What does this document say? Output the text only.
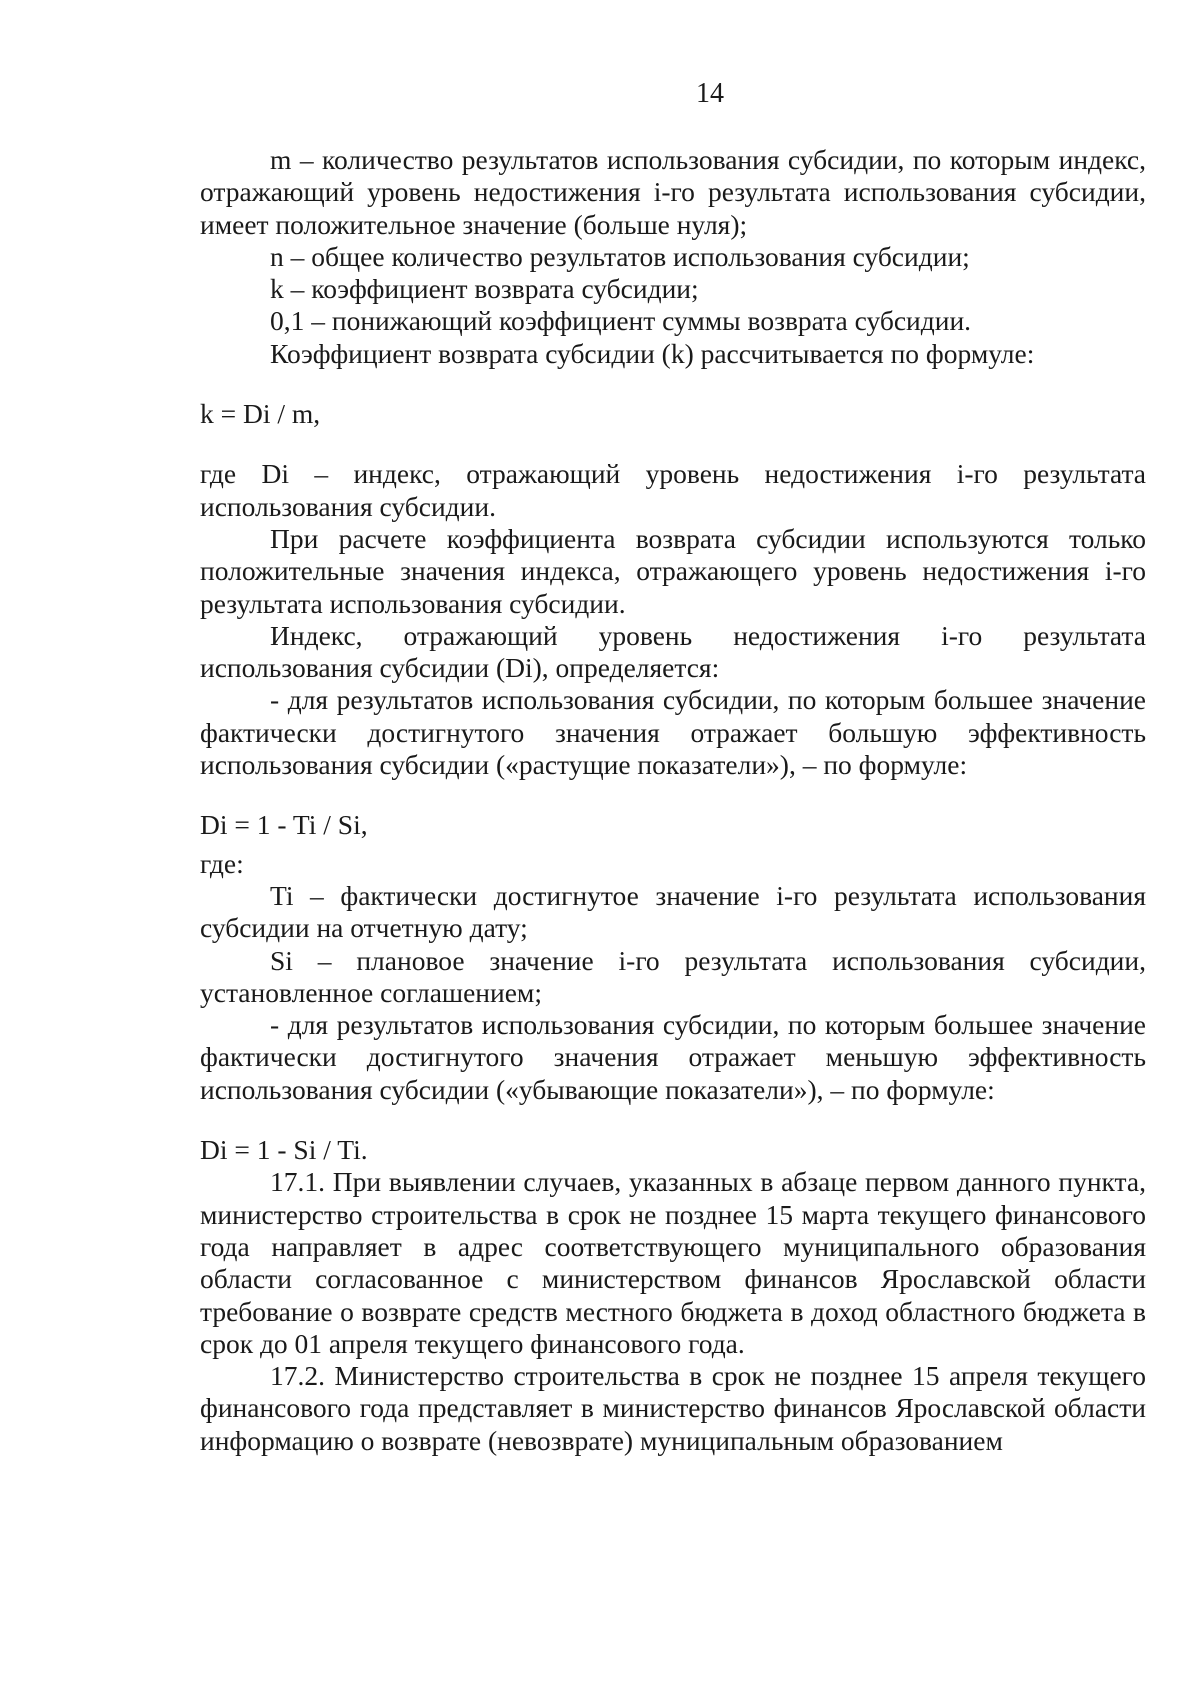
14

m – количество результатов использования субсидии, по которым индекс, отражающий уровень недостижения i-го результата использования субсидии, имеет положительное значение (больше нуля);

n – общее количество результатов использования субсидии;

k – коэффициент возврата субсидии;

0,1 – понижающий коэффициент суммы возврата субсидии.

Коэффициент возврата субсидии (k) рассчитывается по формуле:

k = Di / m,

где Di – индекс, отражающий уровень недостижения i-го результата использования субсидии.

При расчете коэффициента возврата субсидии используются только положительные значения индекса, отражающего уровень недостижения i-го результата использования субсидии.

Индекс, отражающий уровень недостижения i-го результата использования субсидии (Di), определяется:

- для результатов использования субсидии, по которым большее значение фактически достигнутого значения отражает большую эффективность использования субсидии («растущие показатели»), – по формуле:

Di = 1 - Ti / Si,

где:

Ti – фактически достигнутое значение i-го результата использования субсидии на отчетную дату;

Si – плановое значение i-го результата использования субсидии, установленное соглашением;

- для результатов использования субсидии, по которым большее значение фактически достигнутого значения отражает меньшую эффективность использования субсидии («убывающие показатели»), – по формуле:

Di = 1 - Si / Ti.

17.1. При выявлении случаев, указанных в абзаце первом данного пункта, министерство строительства в срок не позднее 15 марта текущего финансового года направляет в адрес соответствующего муниципального образования области согласованное с министерством финансов Ярославской области требование о возврате средств местного бюджета в доход областного бюджета в срок до 01 апреля текущего финансового года.

17.2. Министерство строительства в срок не позднее 15 апреля текущего финансового года представляет в министерство финансов Ярославской области информацию о возврате (невозврате) муниципальным образованием
